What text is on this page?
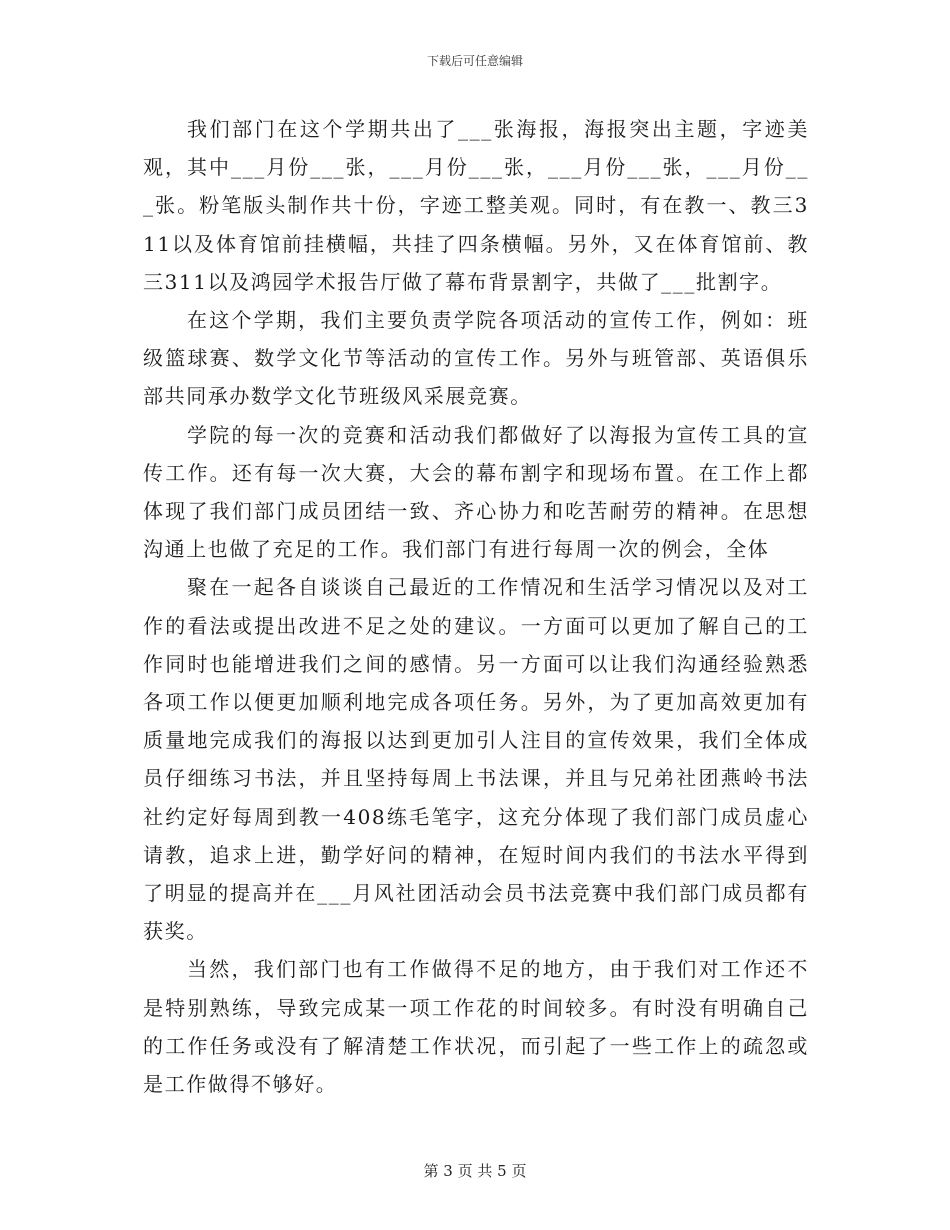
下载后可任意编辑

我们部门在这个学期共出了___张海报，海报突出主题，字迹美观，其中___月份___张，___月份___张，___月份___张，___月份___张。粉笔版头制作共十份，字迹工整美观。同时，有在教一、教三311以及体育馆前挂横幅，共挂了四条横幅。另外，又在体育馆前、教三311以及鸿园学术报告厅做了幕布背景割字，共做了___批割字。

在这个学期，我们主要负责学院各项活动的宣传工作，例如：班级篮球赛、数学文化节等活动的宣传工作。另外与班管部、英语俱乐部共同承办数学文化节班级风采展竞赛。

学院的每一次的竞赛和活动我们都做好了以海报为宣传工具的宣传工作。还有每一次大赛，大会的幕布割字和现场布置。在工作上都体现了我们部门成员团结一致、齐心协力和吃苦耐劳的精神。在思想沟通上也做了充足的工作。我们部门有进行每周一次的例会，全体

聚在一起各自谈谈自己最近的工作情况和生活学习情况以及对工作的看法或提出改进不足之处的建议。一方面可以更加了解自己的工作同时也能增进我们之间的感情。另一方面可以让我们沟通经验熟悉各项工作以便更加顺利地完成各项任务。另外，为了更加高效更加有质量地完成我们的海报以达到更加引人注目的宣传效果，我们全体成员仔细练习书法，并且坚持每周上书法课，并且与兄弟社团燕岭书法社约定好每周到教一408练毛笔字，这充分体现了我们部门成员虚心请教，追求上进，勤学好问的精神，在短时间内我们的书法水平得到了明显的提高并在___月风社团活动会员书法竞赛中我们部门成员都有获奖。

当然，我们部门也有工作做得不足的地方，由于我们对工作还不是特别熟练，导致完成某一项工作花的时间较多。有时没有明确自己的工作任务或没有了解清楚工作状况，而引起了一些工作上的疏忽或是工作做得不够好。

第 3 页 共 5 页
